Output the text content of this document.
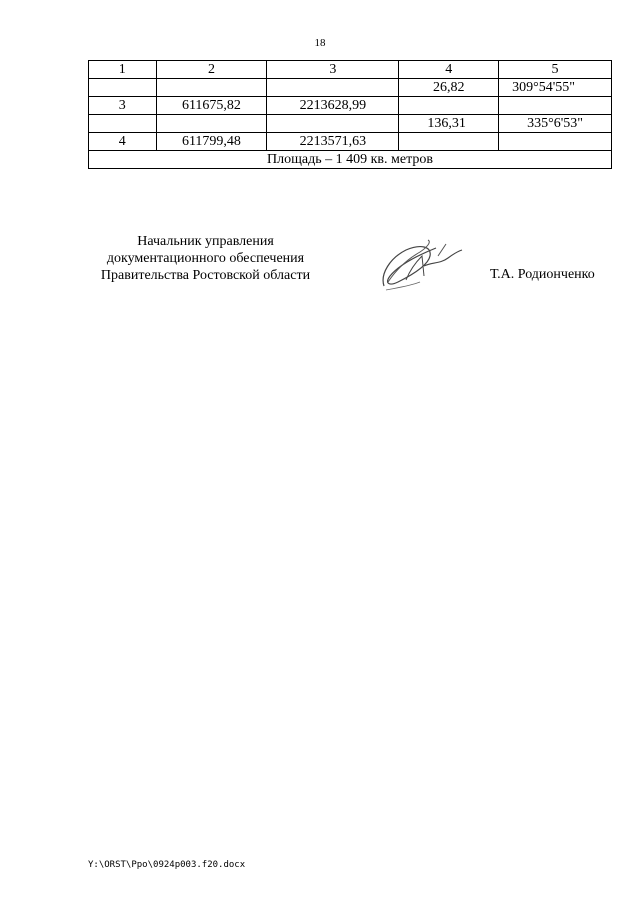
18
1	2	3	4	5
			26,82	309°54'55"
3	611675,82	2213628,99		
			136,31	335°6'53"
4	611799,48	2213571,63		
Площадь – 1 409 кв. метров				
Начальник управления
документационного обеспечения
Правительства Ростовской области	Т.А. Родионченко
Y:\ORST\Ppo\0924p003.f20.docx
